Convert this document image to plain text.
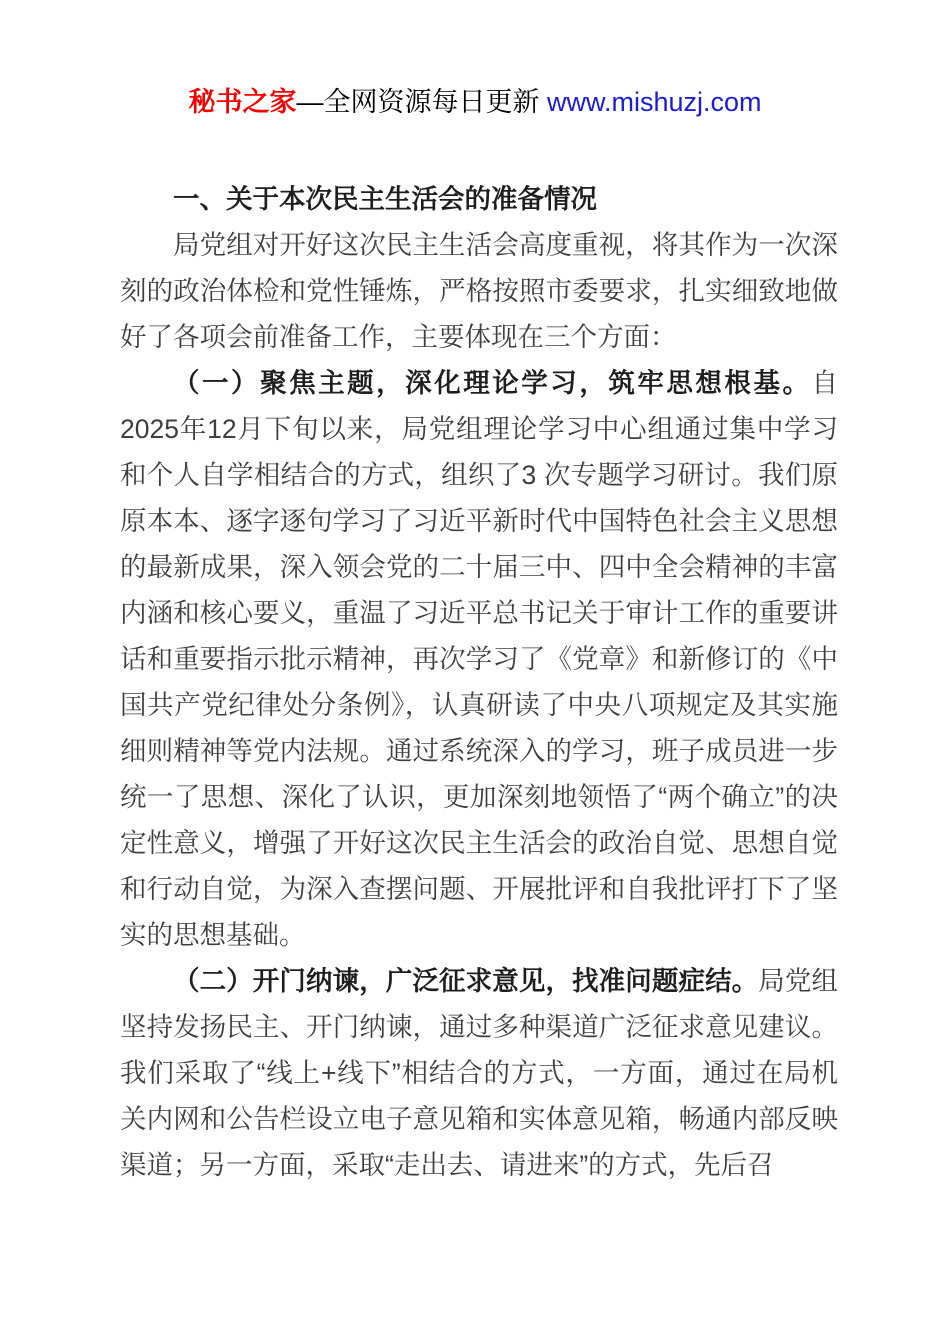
秘书之家—全网资源每日更新 www.mishuzj.com

一、关于本次民主生活会的准备情况

局党组对开好这次民主生活会高度重视，将其作为一次深刻的政治体检和党性锤炼，严格按照市委要求，扎实细致地做好了各项会前准备工作，主要体现在三个方面：

（一）聚焦主题，深化理论学习，筑牢思想根基。自2025年12月下旬以来，局党组理论学习中心组通过集中学习和个人自学相结合的方式，组织了3 次专题学习研讨。我们原原本本、逐字逐句学习了习近平新时代中国特色社会主义思想的最新成果，深入领会党的二十届三中、四中全会精神的丰富内涵和核心要义，重温了习近平总书记关于审计工作的重要讲话和重要指示批示精神，再次学习了《党章》和新修订的《中国共产党纪律处分条例》，认真研读了中央八项规定及其实施细则精神等党内法规。通过系统深入的学习，班子成员进一步统一了思想、深化了认识，更加深刻地领悟了“两个确立”的决定性意义，增强了开好这次民主生活会的政治自觉、思想自觉和行动自觉，为深入查摆问题、开展批评和自我批评打下了坚实的思想基础。

（二）开门纳谏，广泛征求意见，找准问题症结。局党组坚持发扬民主、开门纳谏，通过多种渠道广泛征求意见建议。我们采取了“线上+线下”相结合的方式，一方面，通过在局机关内网和公告栏设立电子意见箱和实体意见箱，畅通内部反映渠道；另一方面，采取“走出去、请进来”的方式，先后召
